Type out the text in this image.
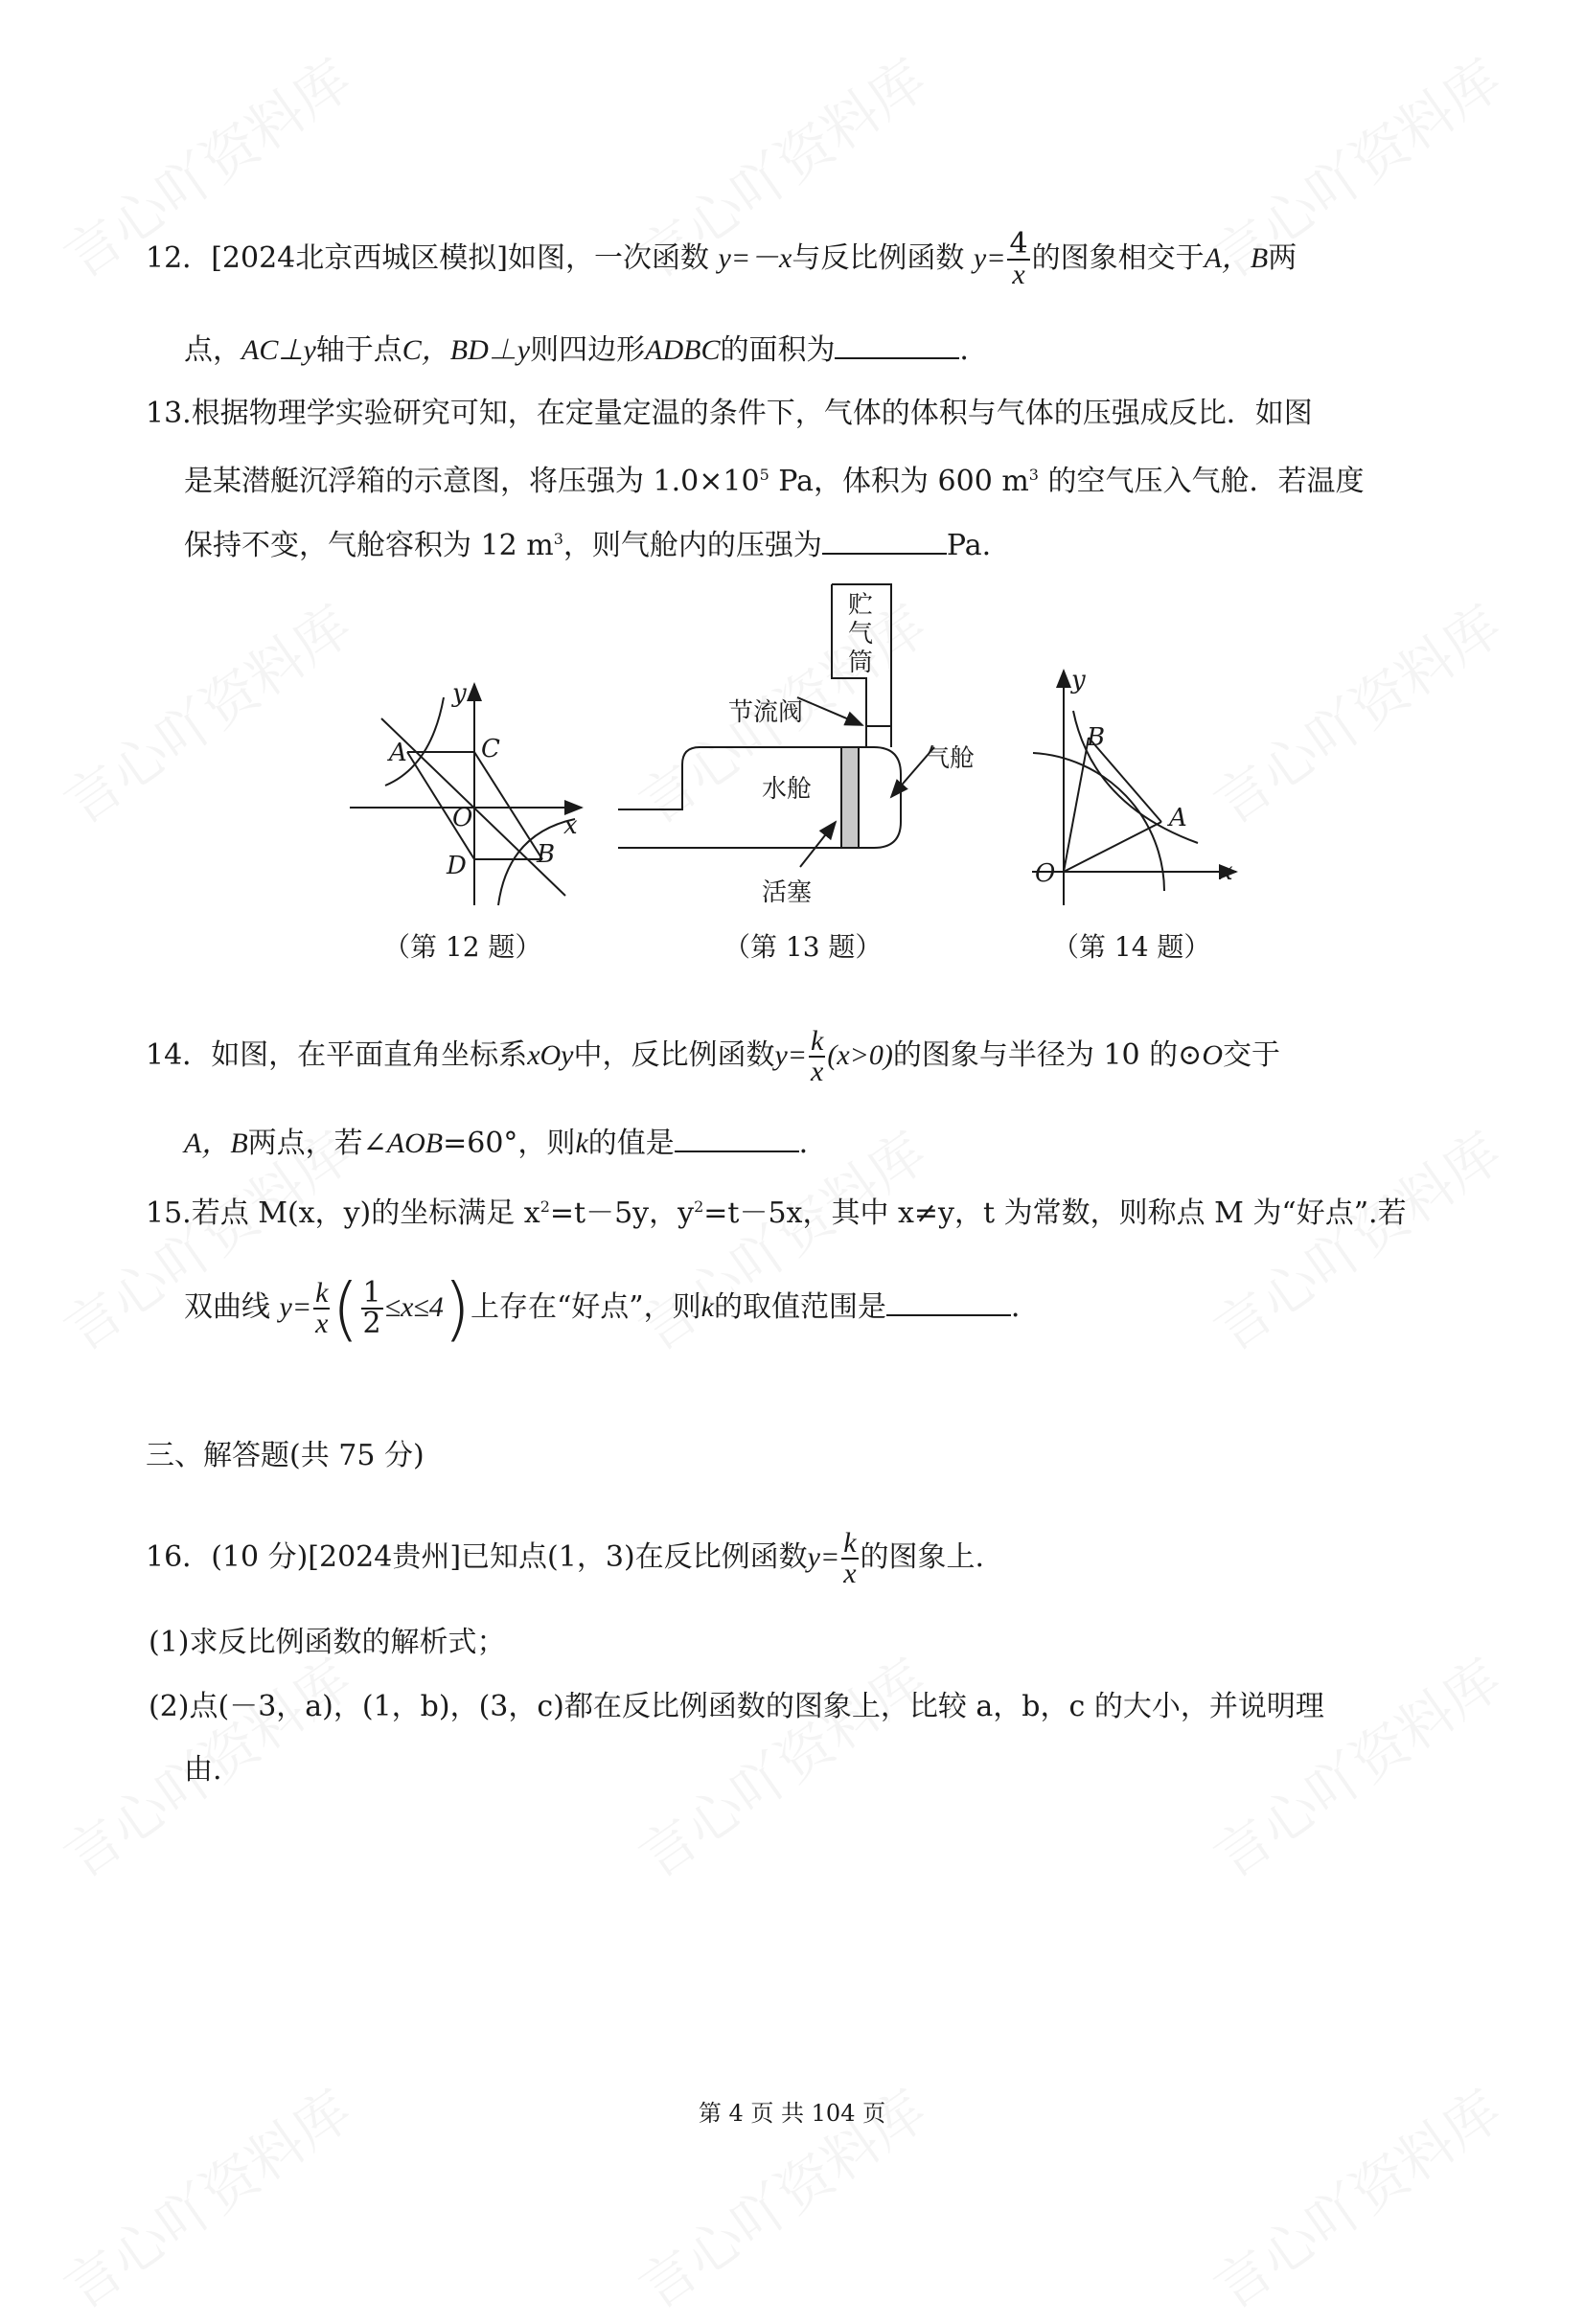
12．[2024北京西城区模拟]如图，一次函数 y=－x与反比例函数 $y= \frac{4}{x}$ 的图象相交于A，B两
点，AC⊥y轴于点C，BD⊥y则四边形ADBC的面积为	．
13.根据物理学实验研究可知，在定量定温的条件下，气体的体积与气体的压强成反比．如图
是某潜艇沉浮箱的示意图，将压强为 $1.0\times 10^5$ Pa，体积为 600 $m^3$ 的空气压入气舱．若温度
保持不变，气舱容积为 12 $m^3$，则气舱内的压强为	Pa.
y
x
A	C
O
D	B
贮
气
筒
节流阀
水舱
气舱
活塞
y
x
O
A
B
（第 12 题）	（第 13 题）	（第 14 题）
14．如图，在平面直角坐标系xOy中，反比例函数$y= \frac{k}{x} (x>0)$的图象与半径为 10 的⊙O交于
A，B两点，若∠AOB=60°，则k的值是	．
15.若点 M(x，y)的坐标满足 $x^2=t-5y$，$y^2=t-5x$，其中 x≠y，t 为常数，则称点 M 为“好点”.若
双曲线 $y= \frac{k}{x}$ ( $\frac{1}{2} \le x\le 4$)上存在“好点”，则k的取值范围是	．
三、解答题(共 75 分)
16．(10 分)[2024贵州]已知点(1，3)在反比例函数$y= \frac{k}{x}$ 的图象上.
(1)求反比例函数的解析式；
(2)点(－3，a)，(1，b)，(3，c)都在反比例函数的图象上，比较 a，b，c 的大小，并说明理
由.
第 4 页 共 104 页
